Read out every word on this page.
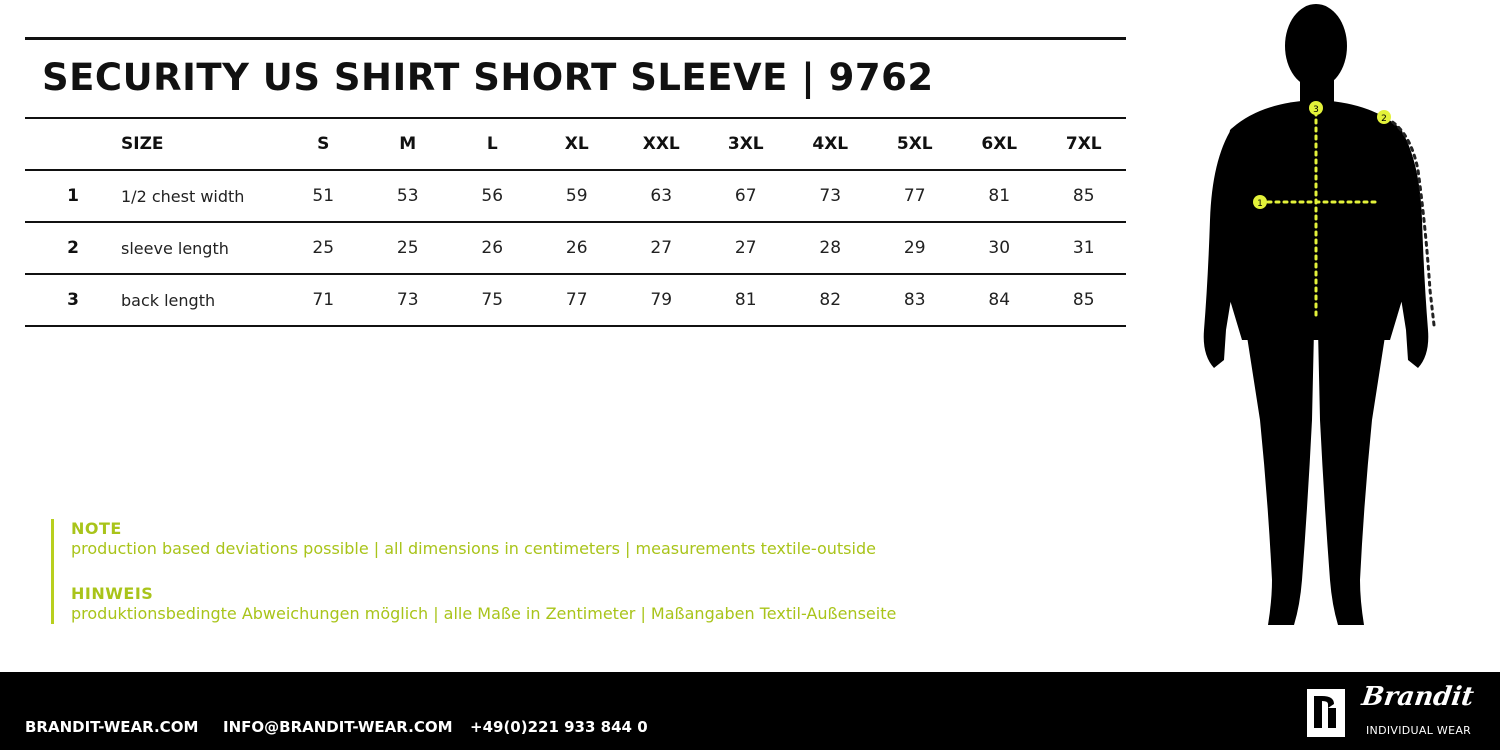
SECURITY US SHIRT SHORT SLEEVE | 9762
	SIZE	S	M	L	XL	XXL	3XL	4XL	5XL	6XL	7XL
1	1/2 chest width	51	53	56	59	63	67	73	77	81	85
2	sleeve length	25	25	26	26	27	27	28	29	30	31
3	back length	71	73	75	77	79	81	82	83	84	85

NOTE

production based deviations possible | all dimensions in centimeters | measurements textile-outside

HINWEIS

produktionsbedingte Abweichungen möglich | alle Maße in Zentimeter | Maßangaben Textil-Außenseite

1
2
3
BRANDIT-WEAR.COM INFO@BRANDIT-WEAR.COM +49(0)221 933 844 0
Brandit
INDIVIDUAL WEAR
